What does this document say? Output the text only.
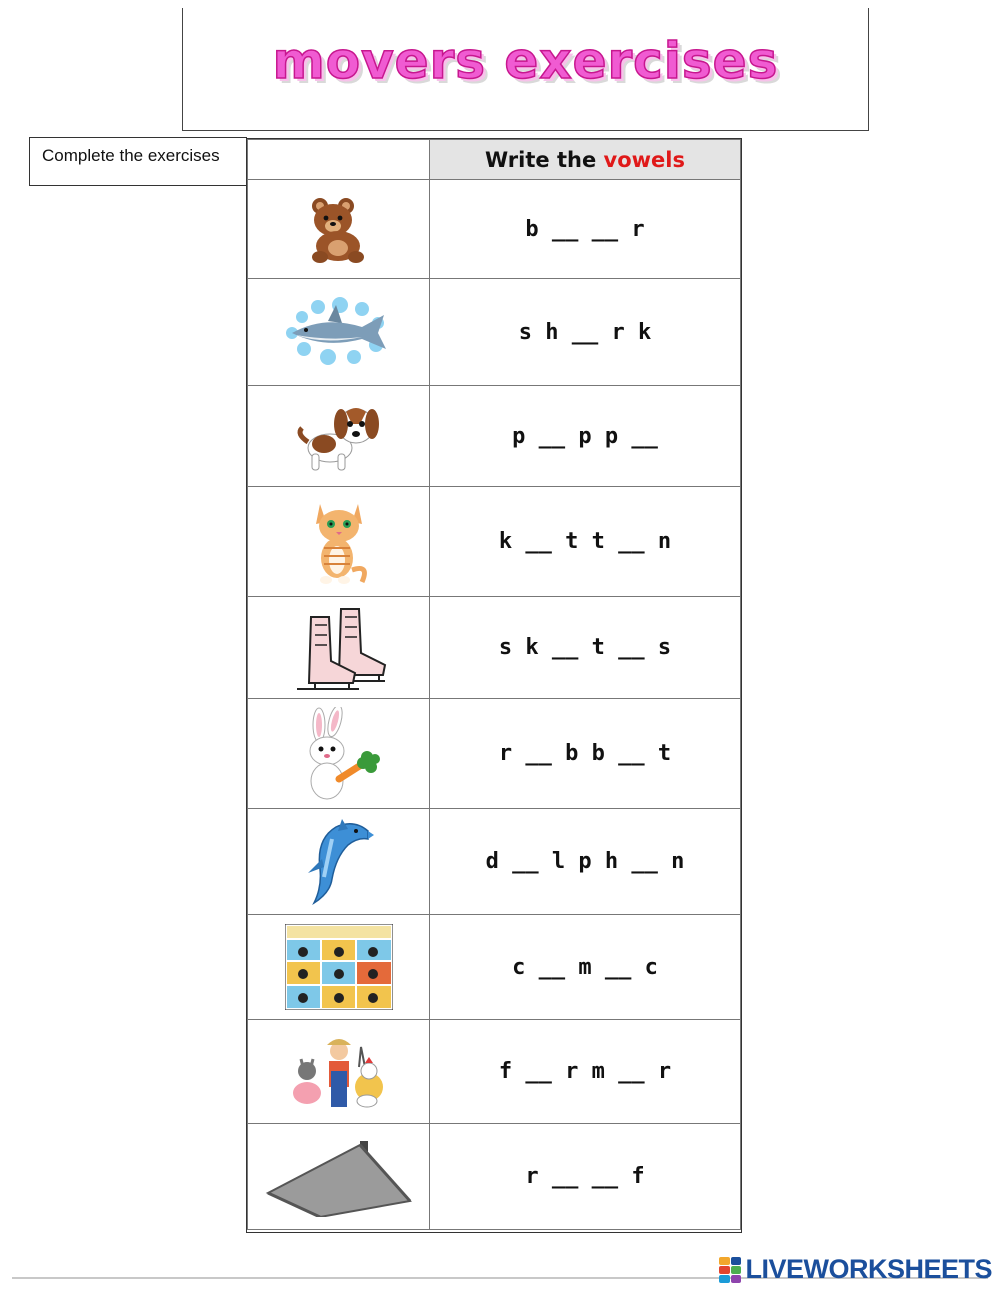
movers exercises
Complete the exercises
		Write the vowels
	b __ __ r
	s h __ r k
	p __ p p __
	k __ t t __ n
	s k __ t __ s
	r __ b b __ t
	d __ l p h __ n
	c __ m __ c
	f __ r m __ r
	r __ __ f
LIVEWORKSHEETS
